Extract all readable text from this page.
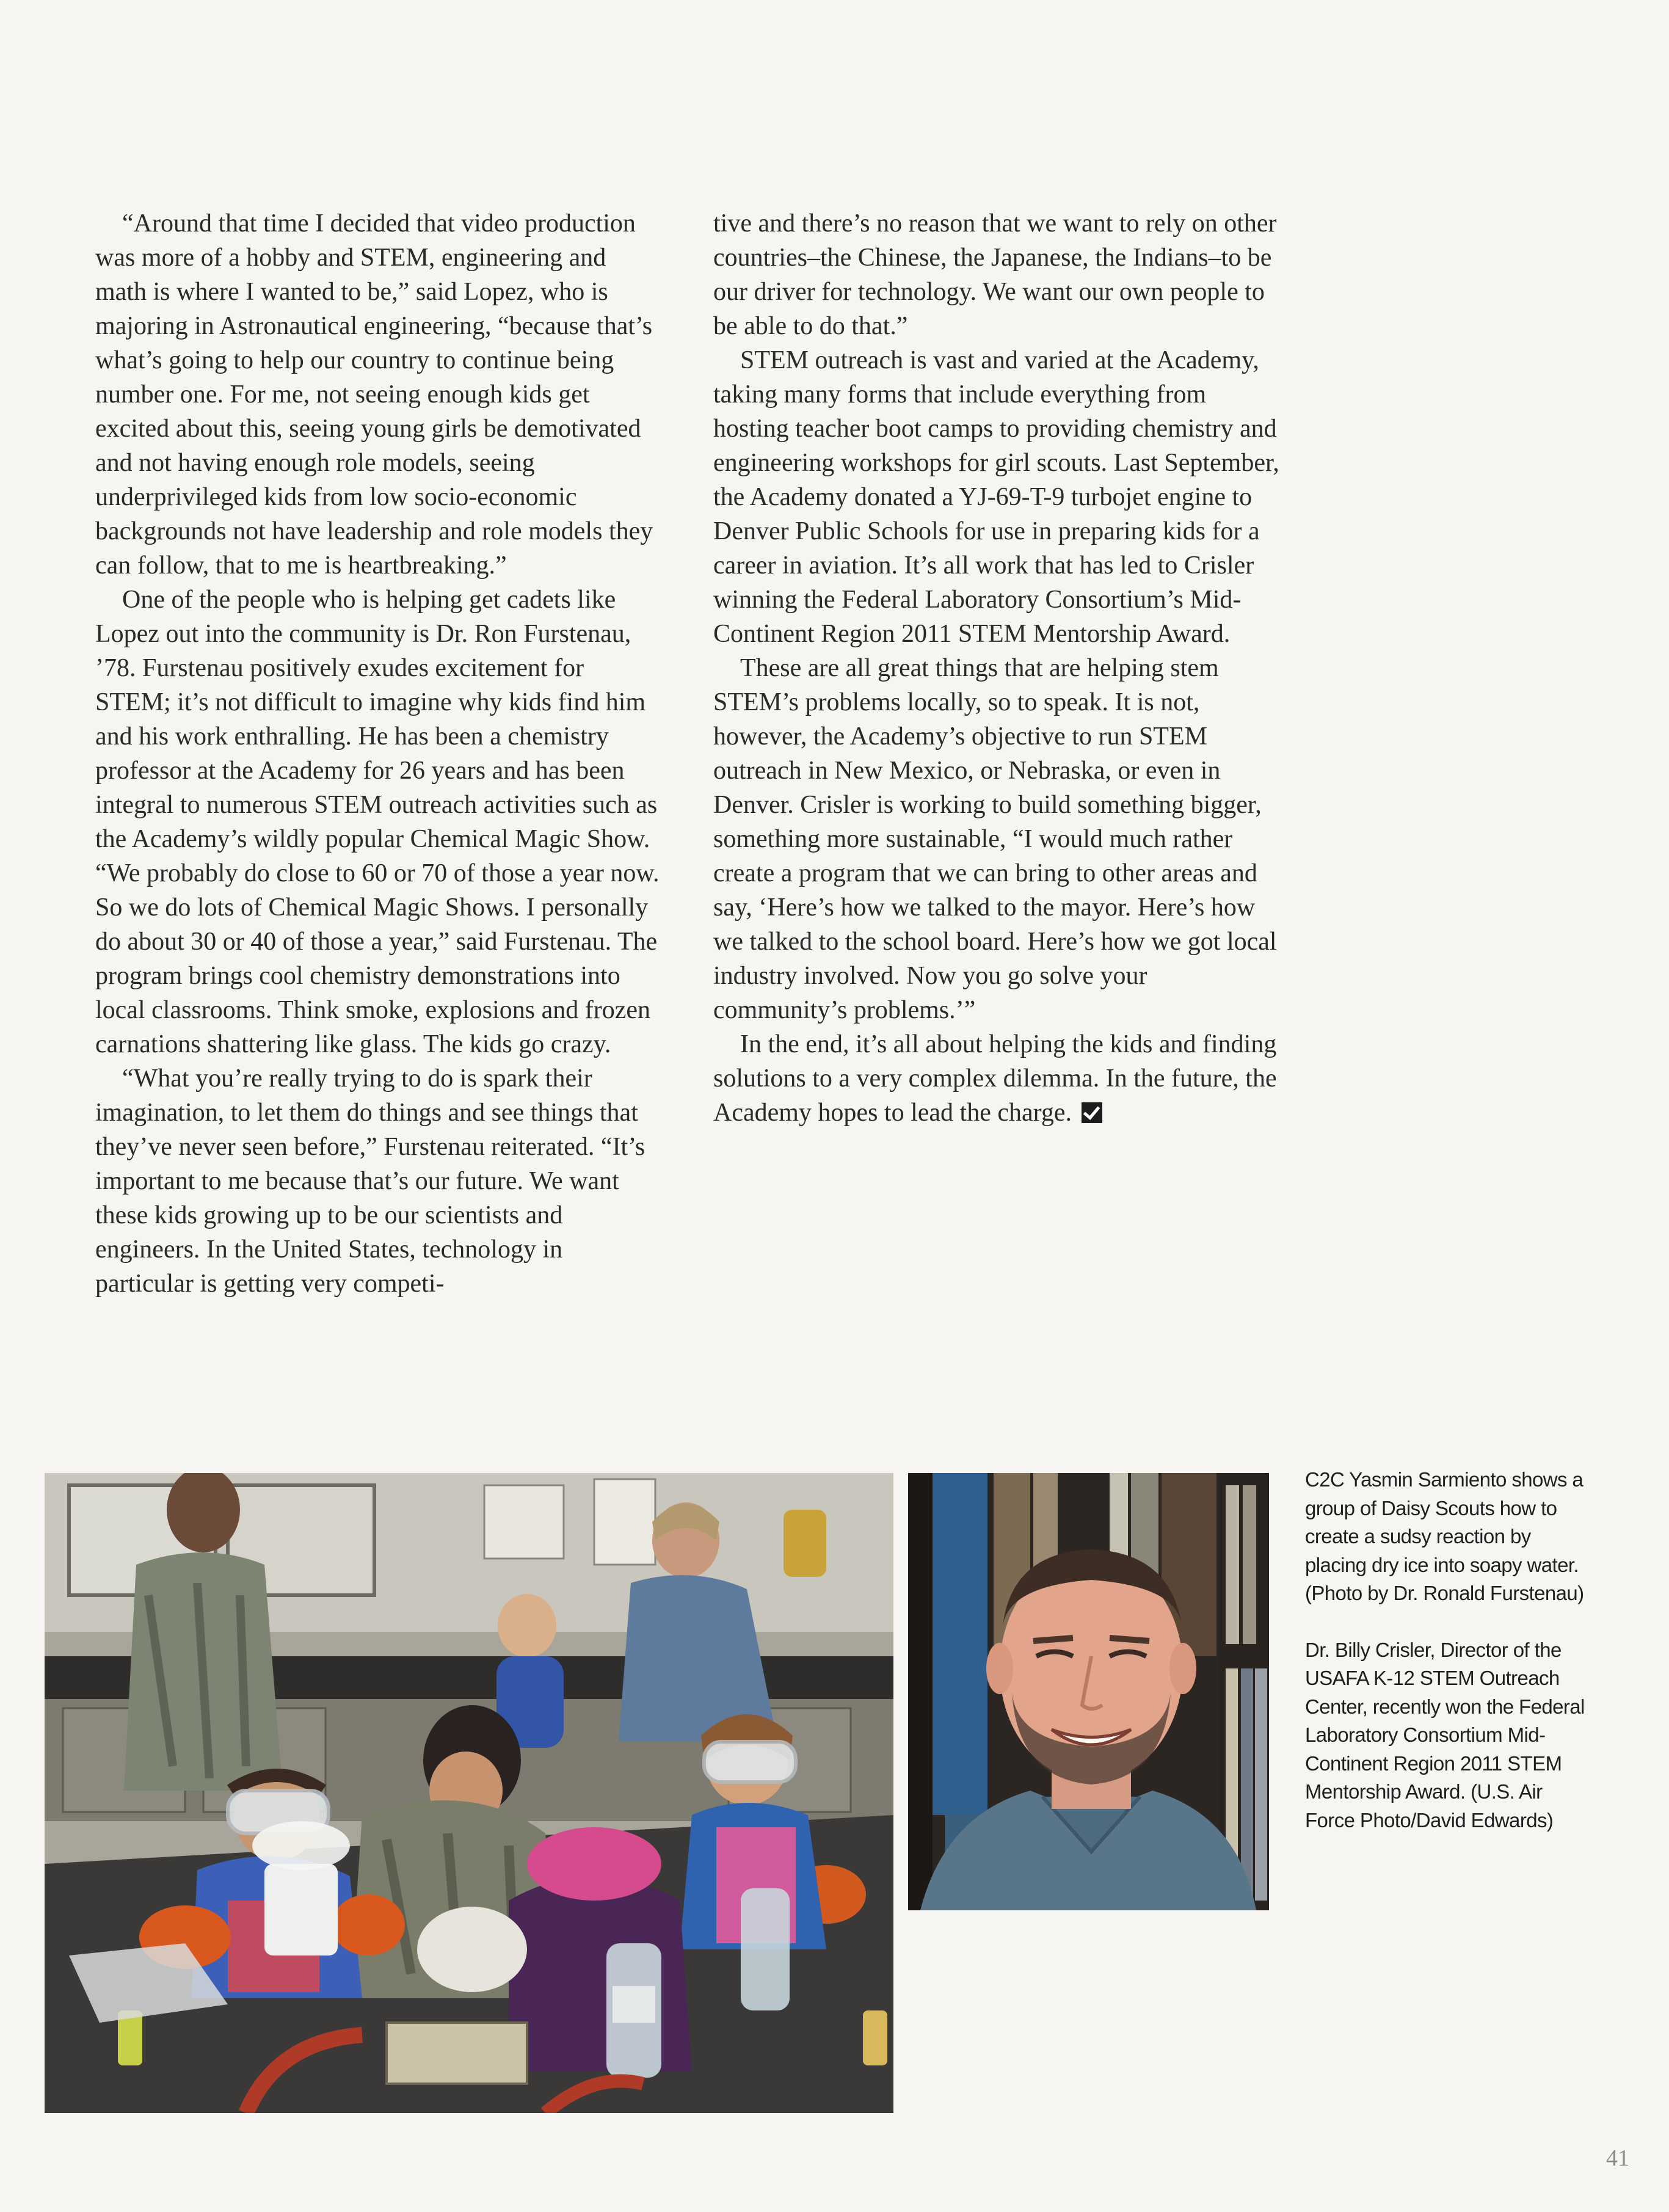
“Around that time I decided that video production was more of a hobby and STEM, engineering and math is where I wanted to be,” said Lopez, who is majoring in Astronautical engineering, “because that’s what’s going to help our country to continue being number one. For me, not seeing enough kids get excited about this, seeing young girls be demotivated and not having enough role models, seeing underprivileged kids from low socio-economic backgrounds not have leadership and role models they can follow, that to me is heartbreaking.”

One of the people who is helping get cadets like Lopez out into the community is Dr. Ron Furstenau, ’78. Furstenau positively exudes excitement for STEM; it’s not difficult to imagine why kids find him and his work enthralling. He has been a chemistry professor at the Academy for 26 years and has been integral to numerous STEM outreach activities such as the Academy’s wildly popular Chemical Magic Show. “We probably do close to 60 or 70 of those a year now. So we do lots of Chemical Magic Shows. I personally do about 30 or 40 of those a year,” said Furstenau. The program brings cool chemistry demonstrations into local classrooms. Think smoke, explosions and frozen carnations shattering like glass. The kids go crazy.

“What you’re really trying to do is spark their imagination, to let them do things and see things that they’ve never seen before,” Furstenau reiterated. “It’s important to me because that’s our future. We want these kids growing up to be our scientists and engineers. In the United States, technology in particular is getting very competi-

tive and there’s no reason that we want to rely on other countries–the Chinese, the Japanese, the Indians–to be our driver for technology. We want our own people to be able to do that.”

STEM outreach is vast and varied at the Academy, taking many forms that include everything from hosting teacher boot camps to providing chemistry and engineering workshops for girl scouts. Last September, the Academy donated a YJ-69-T-9 turbojet engine to Denver Public Schools for use in preparing kids for a career in aviation. It’s all work that has led to Crisler winning the Federal Laboratory Consortium’s Mid-Continent Region 2011 STEM Mentorship Award.

These are all great things that are helping stem STEM’s problems locally, so to speak. It is not, however, the Academy’s objective to run STEM outreach in New Mexico, or Nebraska, or even in Denver. Crisler is working to build something bigger, something more sustainable, “I would much rather create a program that we can bring to other areas and say, ‘Here’s how we talked to the mayor. Here’s how we talked to the school board. Here’s how we got local industry involved. Now you go solve your community’s problems.’”

In the end, it’s all about helping the kids and finding solutions to a very complex dilemma. In the future, the Academy hopes to lead the charge.

C2C Yasmin Sarmiento shows a group of Daisy Scouts how to create a sudsy reaction by placing dry ice into soapy water. (Photo by Dr. Ronald Furstenau)

Dr. Billy Crisler, Director of the USAFA K-12 STEM Outreach Center, recently won the Federal Laboratory Consortium Mid-Continent Region 2011 STEM Mentorship Award. (U.S. Air Force Photo/David Edwards)

41
